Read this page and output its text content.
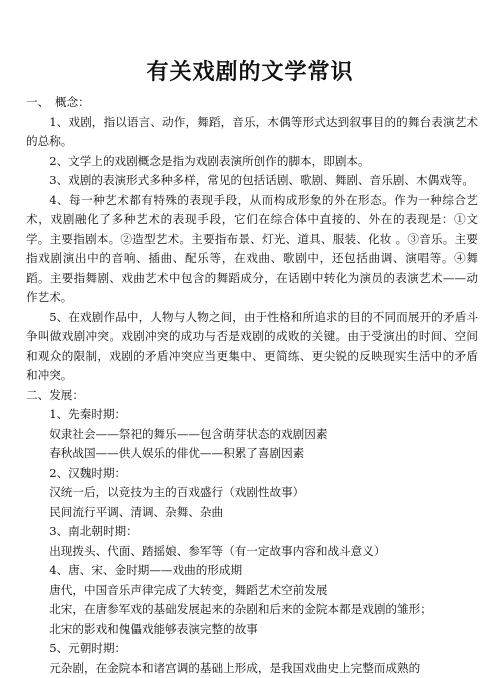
有关戏剧的文学常识

一、　概念：

1、戏剧，指以语言、动作，舞蹈，音乐，木偶等形式达到叙事目的的舞台表演艺术的总称。

2、文学上的戏剧概念是指为戏剧表演所创作的脚本，即剧本。

3、戏剧的表演形式多种多样，常见的包括话剧、歌剧、舞剧、音乐剧、木偶戏等。

4、每一种艺术都有特殊的表现手段，从而构成形象的外在形态。作为一种综合艺术，戏剧融化了多种艺术的表现手段，它们在综合体中直接的、外在的表现是：①文学。主要指剧本。②造型艺术。主要指布景、灯光、道具、服装、化妆 。③音乐。主要指戏剧演出中的音响、插曲、配乐等，在戏曲、歌剧中，还包括曲调、演唱等。④舞蹈。主要指舞剧、戏曲艺术中包含的舞蹈成分，在话剧中转化为演员的表演艺术——动作艺术。

5、在戏剧作品中，人物与人物之间，由于性格和所追求的目的不同而展开的矛盾斗争叫做戏剧冲突。戏剧冲突的成功与否是戏剧的成败的关键。由于受演出的时间、空间和观众的限制，戏剧的矛盾冲突应当更集中、更简练、更尖锐的反映现实生活中的矛盾和冲突。

二、发展：

1、先秦时期：

奴隶社会——祭祀的舞乐——包含萌芽状态的戏剧因素

春秋战国——供人娱乐的俳优——积累了喜剧因素

2、汉魏时期：

汉统一后，以竞技为主的百戏盛行（戏剧性故事）

民间流行平调、清调、杂舞、杂曲

3、南北朝时期：

出现拨头、代面、踏摇娘、参军等（有一定故事内容和战斗意义）

4、唐、宋、金时期——戏曲的形成期

唐代，中国音乐声律完成了大转变，舞蹈艺术空前发展

北宋，在唐参军戏的基础发展起来的杂剧和后来的金院本都是戏剧的雏形；

北宋的影戏和傀儡戏能够表演完整的故事

5、元朝时期：

元杂剧，在金院本和诸宫调的基础上形成，是我国戏曲史上完整而成熟的
